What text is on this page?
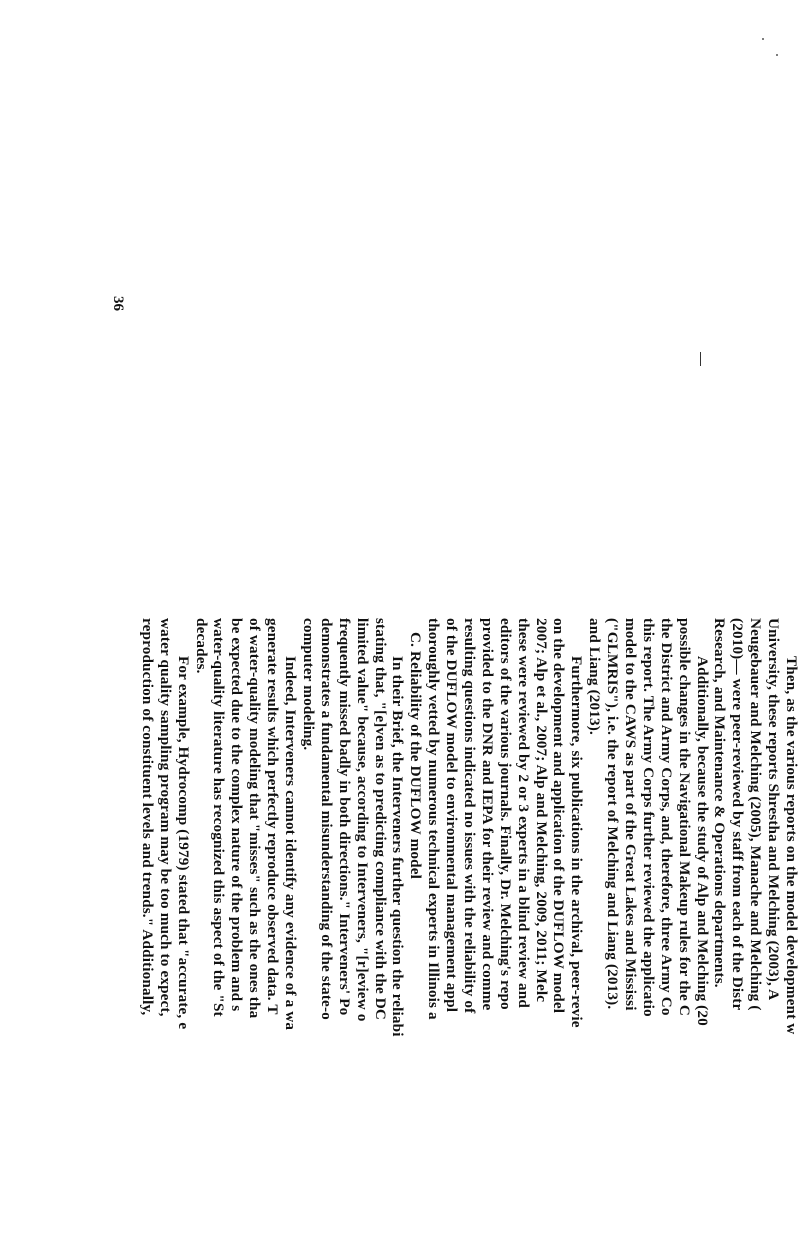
36
Then, as the various reports on the model development w
University, these reports Shrestha and Melching (2003), A
Neugebauer and Melching (2005), Manache and Melching (
(2010)— were peer-reviewed by staff from each of the Distr
Research, and Maintenance & Operations departments.
Additionally, because the study of Alp and Melching (20
possible changes in the Navigational Makeup rules for the C
the District and Army Corps, and, therefore, three Army Co
this report. The Army Corps further reviewed the applicatio
model to the CAWS as part of the Great Lakes and Mississi
("GLMRIS"), i.e. the report of Melching and Liang (2013).
and Liang (2013).
Furthermore, six publications in the archival, peer-revie
on the development and application of the DUFLOW model
2007; Alp et al., 2007; Alp and Melching, 2009, 2011; Melc
these were reviewed by 2 or 3 experts in a blind review and
editors of the various journals. Finally, Dr. Melching's repo
provided to the DNR and IEPA for their review and comme
resulting questions indicated no issues with the reliability of
of the DUFLOW model to environmental management appl
thoroughly vetted by numerous technical experts in Illinois a
C. Reliability of the DUFLOW model
In their Brief, the Interveners further question the reliabi
stating that, "[e]ven as to predicting compliance with the DC
limited value" because, according to Interveners, "[r]eview o
frequently missed badly in both directions." Interveners' Po
demonstrates a fundamental misunderstanding of the state-o
computer modeling.
Indeed, Interveners cannot identify any evidence of a wa
generate results which perfectly reproduce observed data. T
of water-quality modeling that "misses" such as the ones tha
be expected due to the complex nature of the problem and s
water-quality literature has recognized this aspect of the "St
decades.
For example, Hydrocomp (1979) stated that "accurate, e
water quality sampling program may be too much to expect,
reproduction of constituent levels and trends." Additionally,
